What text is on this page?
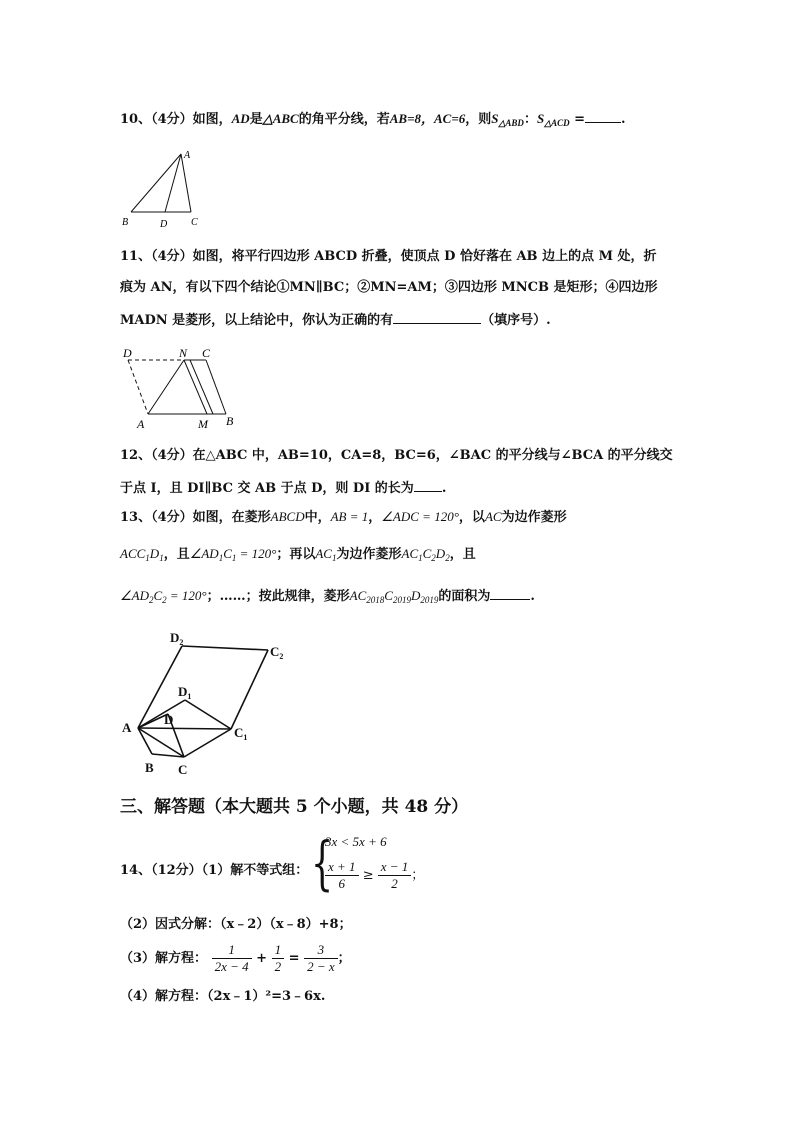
10、（4分）如图，AD是△ABC的角平分线，若AB=8，AC=6，则$S_{\triangle ABD}$：$S_{\triangle ACD}$ =	.
A
B	D C
11、（4分）如图，将平行四边形 ABCD 折叠，使顶点 D 恰好落在 AB 边上的点 M 处，折
痕为 AN，有以下四个结论①MN∥BC；②MN=AM；③四边形 MNCB 是矩形；④四边形
MADN 是菱形，以上结论中，你认为正确的有	（填序号）.
D	N C
A	M B
12、（4分）在△ABC 中，AB=10，CA=8，BC=6，∠BAC 的平分线与∠BCA 的平分线交
于点 I，且 DI∥BC 交 AB 于点 D，则 DI 的长为 .
13、（4分）如图，在菱形ABCD中，AB = 1，∠ADC = 120°，以AC为边作菱形
$ACC_1D_1$，且$\angle AD_1C_1 = 120^\circ$；再以$AC_1$为边作菱形$AC_1C_2D_2$，且
$\angle AD_2C_2 = 120^\circ$；……；按此规律，菱形$AC_{2018}C_{2019}D_{2019}$的面积为	.
$D_2$
$C_2$
$D_1$
D
A	$C_1$
B C
三、解答题（本大题共 5 个小题，共 48 分）
14、（12分）（1）解不等式组： {
3x < 5x + 6
$\frac{x + 1}{6} \ge \frac{x - 1}{2}$ ；
（2）因式分解：（x﹣2）（x﹣8）+8；
（3）解方程： $\frac{1}{2x - 4} + \frac{1}{2} = \frac{3}{2 - x}$ ；
（4）解方程：（2x﹣1）²=3﹣6x.
